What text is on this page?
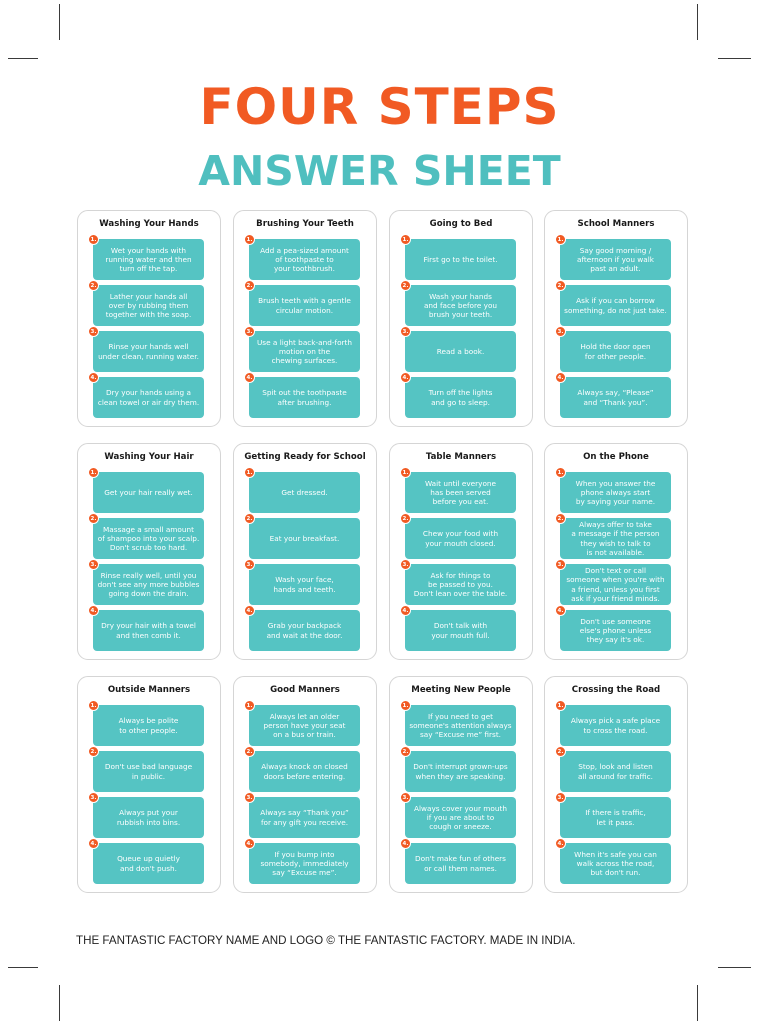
FOUR STEPS
ANSWER SHEET
Washing Your Hands
Wet your hands with
running water and then
turn off the tap.
1.
Lather your hands all
over by rubbing them
together with the soap.
2.
Rinse your hands well
under clean, running water.
3.
Dry your hands using a
clean towel or air dry them.
4.
Brushing Your Teeth
Add a pea-sized amount
of toothpaste to
your toothbrush.
1.
Brush teeth with a gentle
circular motion.
2.
Use a light back-and-forth
motion on the
chewing surfaces.
3.
Spit out the toothpaste
after brushing.
4.
Going to Bed
First go to the toilet.
1.
Wash your hands
and face before you
brush your teeth.
2.
Read a book.
3.
Turn off the lights
and go to sleep.
4.
School Manners
Say good morning /
afternoon if you walk
past an adult.
1.
Ask if you can borrow
something, do not just take.
2.
Hold the door open
for other people.
3.
Always say, “Please”
and “Thank you”.
4.
Washing Your Hair
Get your hair really wet.
1.
Massage a small amount
of shampoo into your scalp.
Don't scrub too hard.
2.
Rinse really well, until you
don't see any more bubbles
going down the drain.
3.
Dry your hair with a towel
and then comb it.
4.
Getting Ready for School
Get dressed.
1.
Eat your breakfast.
2.
Wash your face,
hands and teeth.
3.
Grab your backpack
and wait at the door.
4.
Table Manners
Wait until everyone
has been served
before you eat.
1.
Chew your food with
your mouth closed.
2.
Ask for things to
be passed to you.
Don't lean over the table.
3.
Don't talk with
your mouth full.
4.
On the Phone
When you answer the
phone always start
by saying your name.
1.
Always offer to take
a message if the person
they wish to talk to
is not available.
2.
Don't text or call
someone when you're with
a friend, unless you first
ask if your friend minds.
3.
Don't use someone
else's phone unless
they say it's ok.
4.
Outside Manners
Always be polite
to other people.
1.
Don't use bad language
in public.
2.
Always put your
rubbish into bins.
3.
Queue up quietly
and don't push.
4.
Good Manners
Always let an older
person have your seat
on a bus or train.
1.
Always knock on closed
doors before entering.
2.
Always say “Thank you”
for any gift you receive.
3.
If you bump into
somebody, immediately
say “Excuse me”.
4.
Meeting New People
If you need to get
someone's attention always
say “Excuse me” first.
1.
Don't interrupt grown-ups
when they are speaking.
2.
Always cover your mouth
if you are about to
cough or sneeze.
3.
Don't make fun of others
or call them names.
4.
Crossing the Road
Always pick a safe place
to cross the road.
1.
Stop, look and listen
all around for traffic.
2.
If there is traffic,
let it pass.
3.
When it's safe you can
walk across the road,
but don't run.
4.
THE FANTASTIC FACTORY NAME AND LOGO © THE FANTASTIC FACTORY. MADE IN INDIA.
